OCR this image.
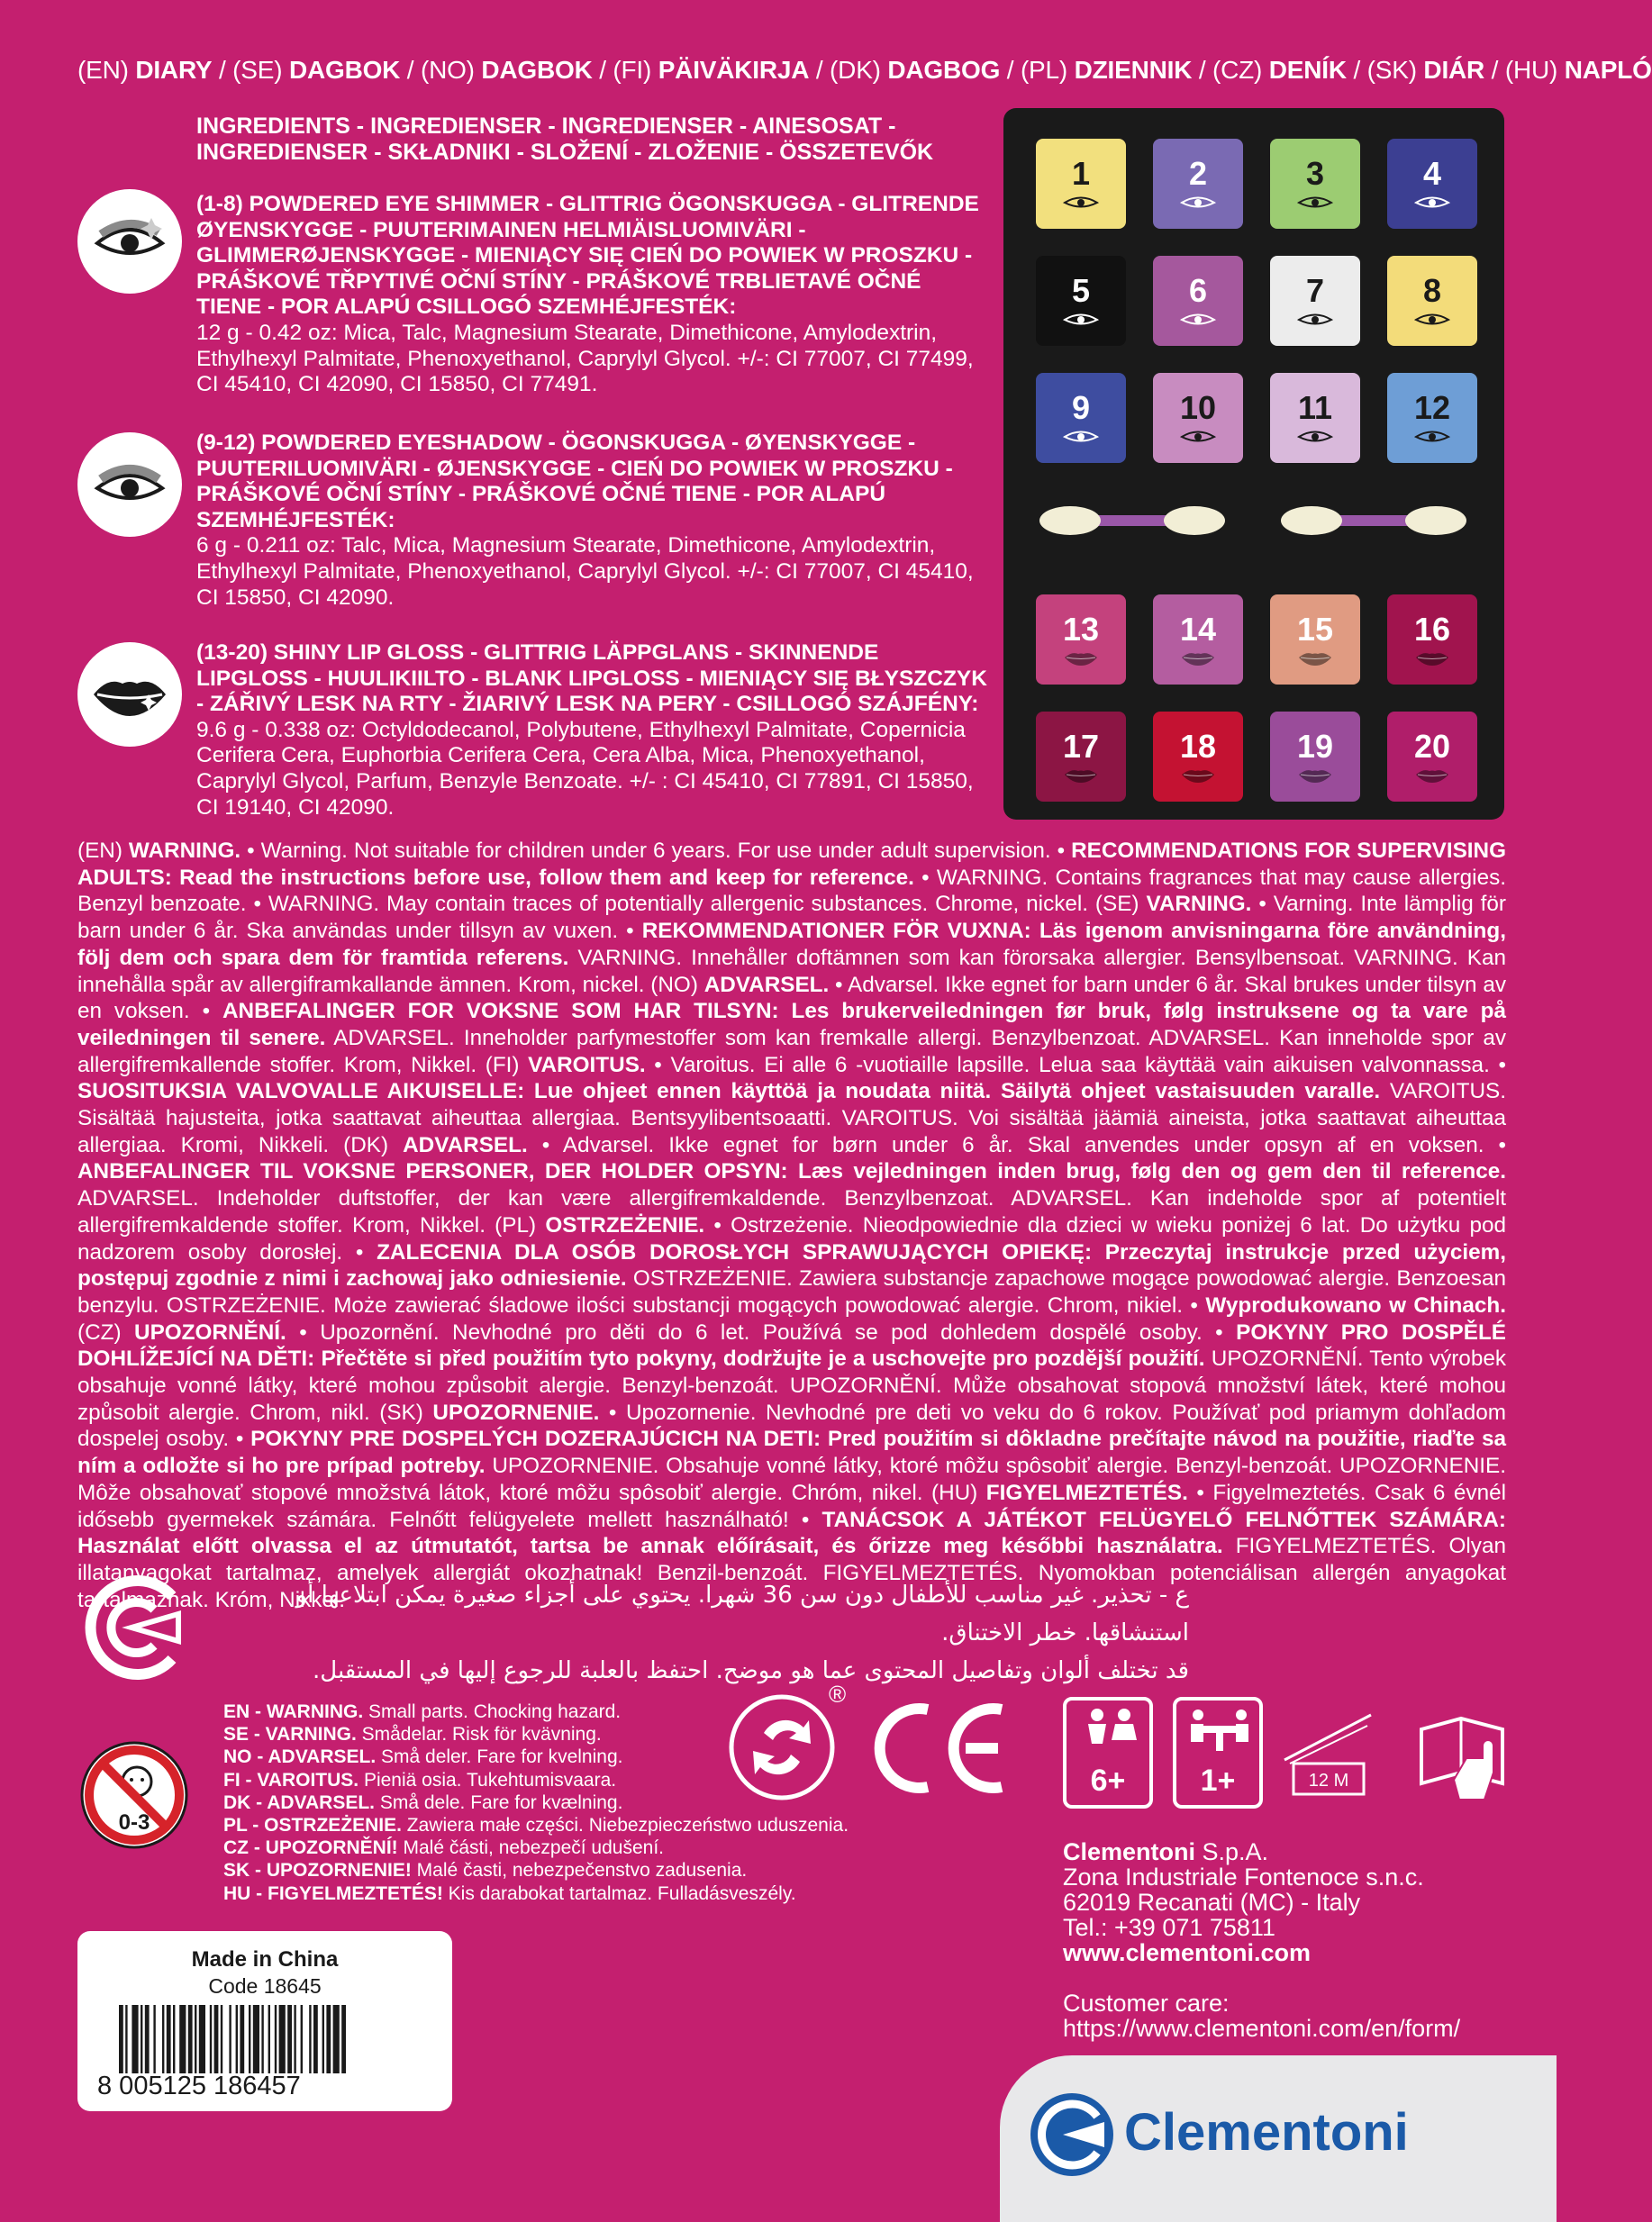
(EN) DIARY / (SE) DAGBOK / (NO) DAGBOK / (FI) PÄIVÄKIRJA / (DK) DAGBOG / (PL) DZIENNIK / (CZ) DENÍK / (SK) DIÁR / (HU) NAPLÓ
INGREDIENTS - INGREDIENSER - INGREDIENSER - AINESOSAT - INGREDIENSER - SKŁADNIKI - SLOŽENÍ - ZLOŽENIE - ÖSSZETEVŐK
(1-8) POWDERED EYE SHIMMER - GLITTRIG ÖGONSKUGGA - GLITRENDE ØYENSKYGGE - PUUTERIMAINEN HELMIÄISLUOMIVÄRI - GLIMMERØJENSKYGGE - MIENIĄCY SIĘ CIEŃ DO POWIEK W PROSZKU - PRÁŠKOVÉ TŘPYTIVÉ OČNÍ STÍNY - PRÁŠKOVÉ TRBLIETAVÉ OČNÉ TIENE - POR ALAPÚ CSILLOGÓ SZEMHÉJFESTÉK:
12 g - 0.42 oz: Mica, Talc, Magnesium Stearate, Dimethicone, Amylodextrin, Ethylhexyl Palmitate, Phenoxyethanol, Caprylyl Glycol. +/-: CI 77007, CI 77499, CI 45410, CI 42090, CI 15850, CI 77491.
(9-12) POWDERED EYESHADOW - ÖGONSKUGGA - ØYENSKYGGE - PUUTERILUOMIVÄRI - ØJENSKYGGE - CIEŃ DO POWIEK W PROSZKU - PRÁŠKOVÉ OČNÍ STÍNY - PRÁŠKOVÉ OČNÉ TIENE - POR ALAPÚ SZEMHÉJFESTÉK:
6 g - 0.211 oz: Talc, Mica, Magnesium Stearate, Dimethicone, Amylodextrin, Ethylhexyl Palmitate, Phenoxyethanol, Caprylyl Glycol. +/-: CI 77007, CI 45410, CI 15850, CI 42090.
(13-20) SHINY LIP GLOSS - GLITTRIG LÄPPGLANS - SKINNENDE LIPGLOSS - HUULIKIILTO - BLANK LIPGLOSS - MIENIĄCY SIĘ BŁYSZCZYK - ZÁŘIVÝ LESK NA RTY - ŽIARIVÝ LESK NA PERY - CSILLOGÓ SZÁJFÉNY:
9.6 g - 0.338 oz: Octyldodecanol, Polybutene, Ethylhexyl Palmitate, Copernicia Cerifera Cera, Euphorbia Cerifera Cera, Cera Alba, Mica, Phenoxyethanol, Caprylyl Glycol, Parfum, Benzyle Benzoate. +/- : CI 45410, CI 77891, CI 15850, CI 19140, CI 42090.
1	2	3	4
5	6	7	8
9	10	11	12
13	14	15	16
17	18	19	20
(EN) WARNING. • Warning. Not suitable for children under 6 years. For use under adult supervision. • RECOMMENDATIONS FOR SUPERVISING ADULTS: Read the instructions before use, follow them and keep for reference. • WARNING. Contains fragrances that may cause allergies. Benzyl benzoate. • WARNING. May contain traces of potentially allergenic substances. Chrome, nickel. (SE) VARNING. • Varning. Inte lämplig för barn under 6 år. Ska användas under tillsyn av vuxen. • REKOMMENDATIONER FÖR VUXNA: Läs igenom anvisningarna före användning, följ dem och spara dem för framtida referens. VARNING. Innehåller doftämnen som kan förorsaka allergier. Bensylbensoat. VARNING. Kan innehålla spår av allergiframkallande ämnen. Krom, nickel. (NO) ADVARSEL. • Advarsel. Ikke egnet for barn under 6 år. Skal brukes under tilsyn av en voksen. • ANBEFALINGER FOR VOKSNE SOM HAR TILSYN: Les brukerveiledningen før bruk, følg instruksene og ta vare på veiledningen til senere. ADVARSEL. Inneholder parfymestoffer som kan fremkalle allergi. Benzylbenzoat. ADVARSEL. Kan inneholde spor av allergifremkallende stoffer. Krom, Nikkel. (FI) VAROITUS. • Varoitus. Ei alle 6 -vuotiaille lapsille. Lelua saa käyttää vain aikuisen valvonnassa. • SUOSITUKSIA VALVOVALLE AIKUISELLE: Lue ohjeet ennen käyttöä ja noudata niitä. Säilytä ohjeet vastaisuuden varalle. VAROITUS. Sisältää hajusteita, jotka saattavat aiheuttaa allergiaa. Bentsyylibentsoaatti. VAROITUS. Voi sisältää jäämiä aineista, jotka saattavat aiheuttaa allergiaa. Kromi, Nikkeli. (DK) ADVARSEL. • Advarsel. Ikke egnet for børn under 6 år. Skal anvendes under opsyn af en voksen. • ANBEFALINGER TIL VOKSNE PERSONER, DER HOLDER OPSYN: Læs vejledningen inden brug, følg den og gem den til reference. ADVARSEL. Indeholder duftstoffer, der kan være allergifremkaldende. Benzylbenzoat. ADVARSEL. Kan indeholde spor af potentielt allergifremkaldende stoffer. Krom, Nikkel. (PL) OSTRZEŻENIE. • Ostrzeżenie. Nieodpowiednie dla dzieci w wieku poniżej 6 lat. Do użytku pod nadzorem osoby dorosłej. • ZALECENIA DLA OSÓB DOROSŁYCH SPRAWUJĄCYCH OPIEKĘ: Przeczytaj instrukcje przed użyciem, postępuj zgodnie z nimi i zachowaj jako odniesienie. OSTRZEŻENIE. Zawiera substancje zapachowe mogące powodować alergie. Benzoesan benzylu. OSTRZEŻENIE. Może zawierać śladowe ilości substancji mogących powodować alergie. Chrom, nikiel. • Wyprodukowano w Chinach. (CZ) UPOZORNĚNÍ. • Upozornění. Nevhodné pro děti do 6 let. Používá se pod dohledem dospělé osoby. • POKYNY PRO DOSPĚLÉ DOHLÍŽEJÍCÍ NA DĚTI: Přečtěte si před použitím tyto pokyny, dodržujte je a uschovejte pro pozdější použití. UPOZORNĚNÍ. Tento výrobek obsahuje vonné látky, které mohou způsobit alergie. Benzyl-benzoát. UPOZORNĚNÍ. Může obsahovat stopová množství látek, které mohou způsobit alergie. Chrom, nikl. (SK) UPOZORNENIE. • Upozornenie. Nevhodné pre deti vo veku do 6 rokov. Používať pod priamym dohľadom dospelej osoby. • POKYNY PRE DOSPELÝCH DOZERAJÚCICH NA DETI: Pred použitím si dôkladne prečítajte návod na použitie, riaďte sa ním a odložte si ho pre prípad potreby. UPOZORNENIE. Obsahuje vonné látky, ktoré môžu spôsobiť alergie. Benzyl-benzoát. UPOZORNENIE. Môže obsahovať stopové množstvá látok, ktoré môžu spôsobiť alergie. Chróm, nikel. (HU) FIGYELMEZTETÉS. • Figyelmeztetés. Csak 6 évnél idősebb gyermekek számára. Felnőtt felügyelete mellett használható! • TANÁCSOK A JÁTÉKOT FELÜGYELŐ FELNŐTTEK SZÁMÁRA: Használat előtt olvassa el az útmutatót, tartsa be annak előírásait, és őrizze meg későbbi használatra. FIGYELMEZTETÉS. Olyan illatanyagokat tartalmaz, amelyek allergiát okozhatnak! Benzil-benzoát. FIGYELMEZTETÉS. Nyomokban potenciálisan allergén anyagokat tartalmaznak. Króm, Nikkel.
ع - تحذير. غير مناسب للأطفال دون سن 36 شهرا. يحتوي على أجزاء صغيرة يمكن ابتلاعها أو استنشاقها. خطر الاختناق.
قد تختلف ألوان وتفاصيل المحتوى عما هو موضح. احتفظ بالعلبة للرجوع إليها في المستقبل.
0-3
EN - WARNING. Small parts. Chocking hazard.
SE - VARNING. Smådelar. Risk för kvävning.
NO - ADVARSEL. Små deler. Fare for kvelning.
FI - VAROITUS. Pieniä osia. Tukehtumisvaara.
DK - ADVARSEL. Små dele. Fare for kvælning.
PL - OSTRZEŻENIE. Zawiera małe części. Niebezpieczeństwo uduszenia.
CZ - UPOZORNĚNÍ! Malé části, nebezpečí udušení.
SK - UPOZORNENIE! Malé časti, nebezpečenstvo zadusenia.
HU - FIGYELMEZTETÉS! Kis darabokat tartalmaz. Fulladásveszély.
®
6+	1+	12 M
Clementoni S.p.A.
Zona Industriale Fontenoce s.n.c.
62019 Recanati (MC) - Italy
Tel.: +39 071 75811
www.clementoni.com
Customer care:
https://www.clementoni.com/en/form/
Made in China
Code 18645
8 005125 186457
Clementoni
